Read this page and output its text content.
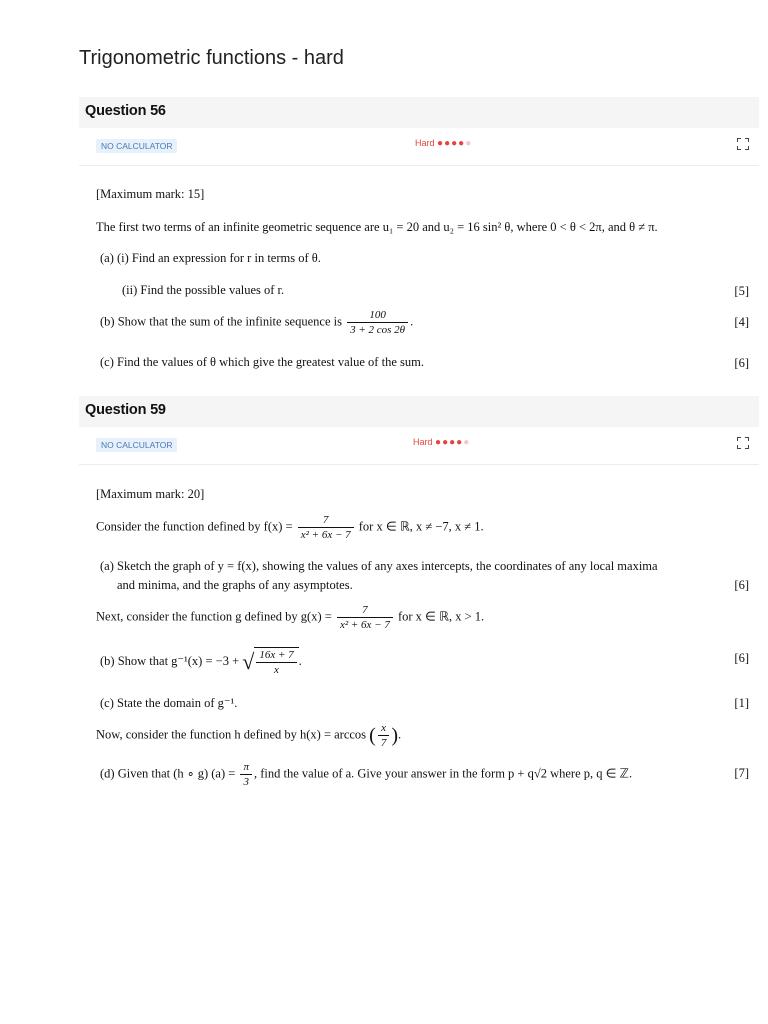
Trigonometric functions - hard
Question 56
NO CALCULATOR	Hard ●●●●●
[Maximum mark: 15]
The first two terms of an infinite geometric sequence are u₁ = 20 and u₂ = 16 sin² θ, where 0 < θ < 2π, and θ ≠ π.
(a) (i) Find an expression for r in terms of θ.
(ii) Find the possible values of r.	[5]
(b) Show that the sum of the infinite sequence is $\frac{100}{3 + 2 \cos 2\theta}$ .	[4]
(c) Find the values of θ which give the greatest value of the sum.	[6]
Question 59
NO CALCULATOR	Hard ●●●●●
[Maximum mark: 20]
Consider the function defined by $f(x) = \frac{7}{\text{x² + 6x − 7}}$ for x ∈ ℝ, x ≠ −7, x ≠ 1.
(a) Sketch the graph of y = f(x), showing the values of any axes intercepts, the coordinates of any local maxima
and minima, and the graphs of any asymptotes.	[6]
Next, consider the function g defined by $g(x) = \frac{7}{\text{x² + 6x − 7}}$ for x ∈ ℝ, x > 1.
(b) Show that g⁻¹(x) = −3 + √ $\frac{16x + 7}{x}$ .	[6]
(c) State the domain of g⁻¹.	[1]
Now, consider the function h defined by h(x) = arccos ( $\frac{x}{7}$ ).
(d) Given that (h ∘ g) $(a) = \frac{\pi}{3}$ , find the value of a. Give your answer in the form p + q√2 where p, q ∈ ℤ.	[7]
